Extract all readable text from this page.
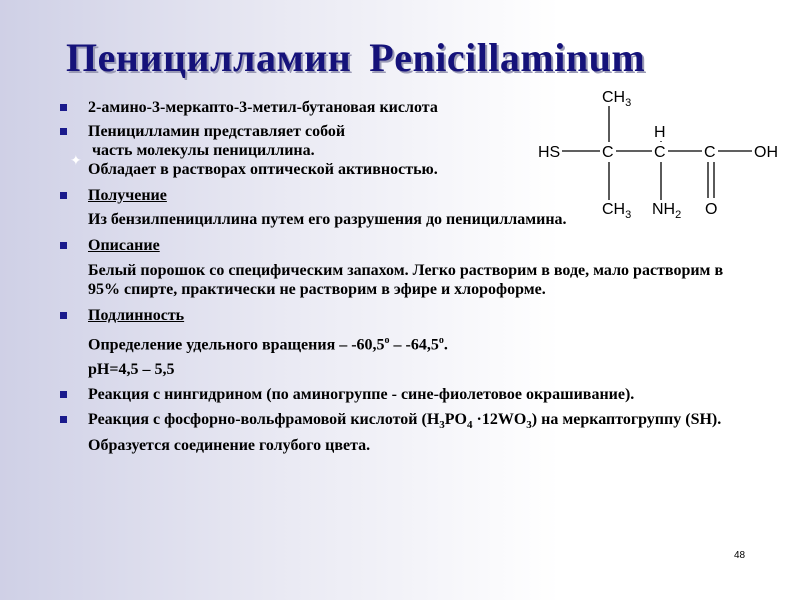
Пеницилламин Penicillaminum
✦
2-амино-3-меркапто-3-метил-бутановая кислота
Пеницилламин представляет собой
часть молекулы пенициллина.
Обладает в растворах оптической активностью.
Получение
Из бензилпенициллина путем его разрушения до пеницилламина.
Описание
Белый порошок со специфическим запахом. Легко растворим в воде, мало растворим в 95% спирте, практически не растворим в эфире и хлороформе.
Подлинность
Определение удельного вращения – $-60,5^о - -64,5^о$.
pH=4,5 – 5,5
Реакция с нингидрином (по аминогруппе - сине-фиолетовое окрашивание).
Реакция с фосфорно-вольфрамовой кислотой $(H_3PO_4 \cdot 12WO_3)$ на меркаптогруппу (SH). Образуется соединение голубого цвета.
$CH_3$
H
HS	C	C C OH
$CH_3$ $NH_2$ O
48
